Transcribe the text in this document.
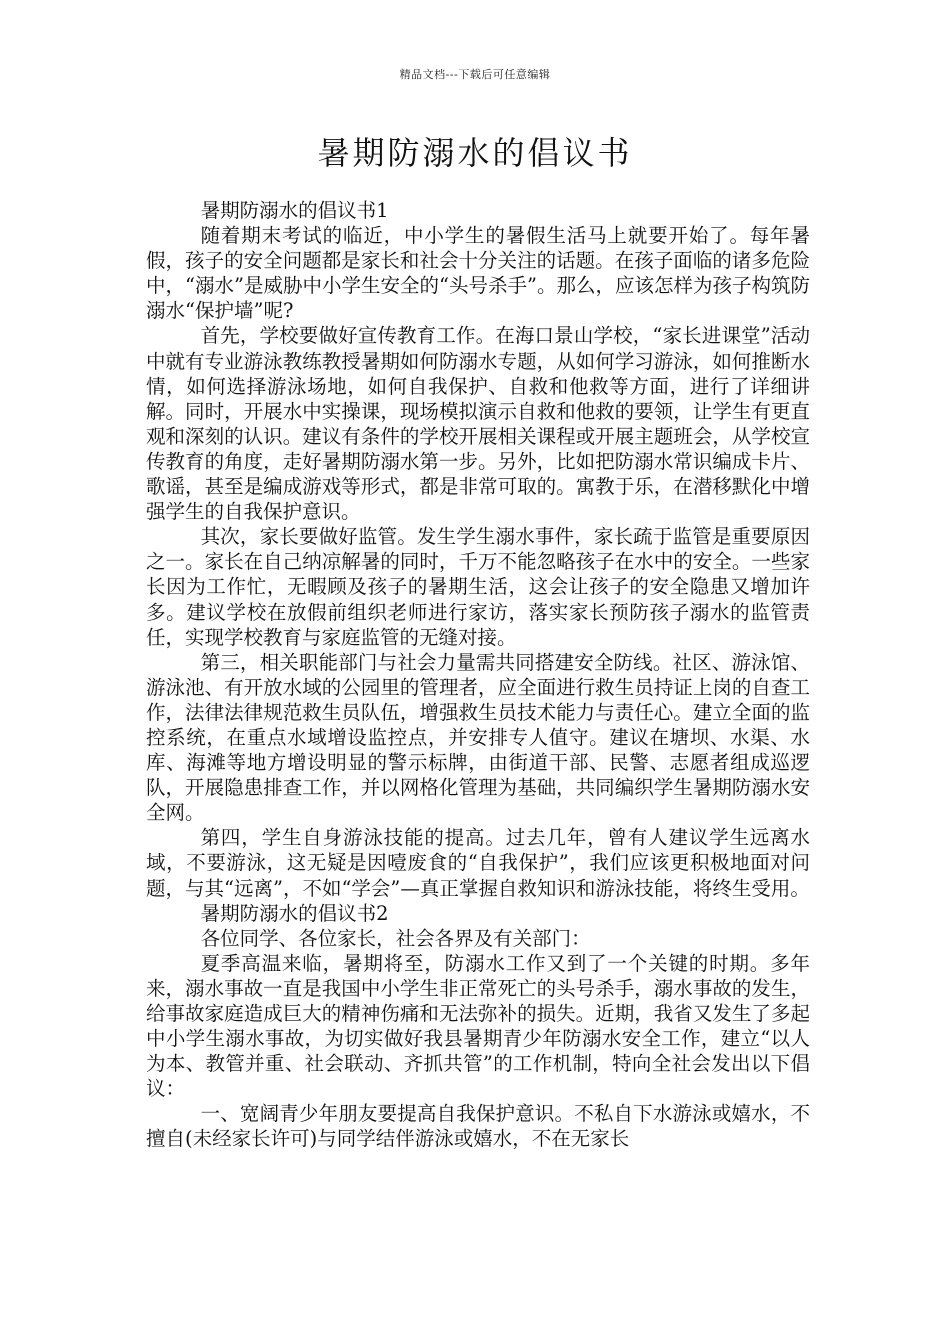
精品文档---下载后可任意编辑
暑期防溺水的倡议书

暑期防溺水的倡议书1

随着期末考试的临近，中小学生的暑假生活马上就要开始了。每年暑假，孩子的安全问题都是家长和社会十分关注的话题。在孩子面临的诸多危险中，“溺水”是威胁中小学生安全的“头号杀手”。那么，应该怎样为孩子构筑防溺水“保护墙”呢?

首先，学校要做好宣传教育工作。在海口景山学校，“家长进课堂”活动中就有专业游泳教练教授暑期如何防溺水专题，从如何学习游泳，如何推断水情，如何选择游泳场地，如何自我保护、自救和他救等方面，进行了详细讲解。同时，开展水中实操课，现场模拟演示自救和他救的要领，让学生有更直观和深刻的认识。建议有条件的学校开展相关课程或开展主题班会，从学校宣传教育的角度，走好暑期防溺水第一步。另外，比如把防溺水常识编成卡片、歌谣，甚至是编成游戏等形式，都是非常可取的。寓教于乐，在潜移默化中增强学生的自我保护意识。

其次，家长要做好监管。发生学生溺水事件，家长疏于监管是重要原因之一。家长在自己纳凉解暑的同时，千万不能忽略孩子在水中的安全。一些家长因为工作忙，无暇顾及孩子的暑期生活，这会让孩子的安全隐患又增加许多。建议学校在放假前组织老师进行家访，落实家长预防孩子溺水的监管责任，实现学校教育与家庭监管的无缝对接。

第三，相关职能部门与社会力量需共同搭建安全防线。社区、游泳馆、游泳池、有开放水域的公园里的管理者，应全面进行救生员持证上岗的自查工作，法律法律规范救生员队伍，增强救生员技术能力与责任心。建立全面的监控系统，在重点水域增设监控点，并安排专人值守。建议在塘坝、水渠、水库、海滩等地方增设明显的警示标牌，由街道干部、民警、志愿者组成巡逻队，开展隐患排查工作，并以网格化管理为基础，共同编织学生暑期防溺水安全网。

第四，学生自身游泳技能的提高。过去几年，曾有人建议学生远离水域，不要游泳，这无疑是因噎废食的“自我保护”，我们应该更积极地面对问题，与其“远离”，不如“学会”—真正掌握自救知识和游泳技能，将终生受用。

暑期防溺水的倡议书2

各位同学、各位家长，社会各界及有关部门：

夏季高温来临，暑期将至，防溺水工作又到了一个关键的时期。多年来，溺水事故一直是我国中小学生非正常死亡的头号杀手，溺水事故的发生，给事故家庭造成巨大的精神伤痛和无法弥补的损失。近期，我省又发生了多起中小学生溺水事故，为切实做好我县暑期青少年防溺水安全工作，建立“以人为本、教管并重、社会联动、齐抓共管”的工作机制，特向全社会发出以下倡议：

一、宽阔青少年朋友要提高自我保护意识。不私自下水游泳或嬉水，不擅自(未经家长许可)与同学结伴游泳或嬉水，不在无家长
